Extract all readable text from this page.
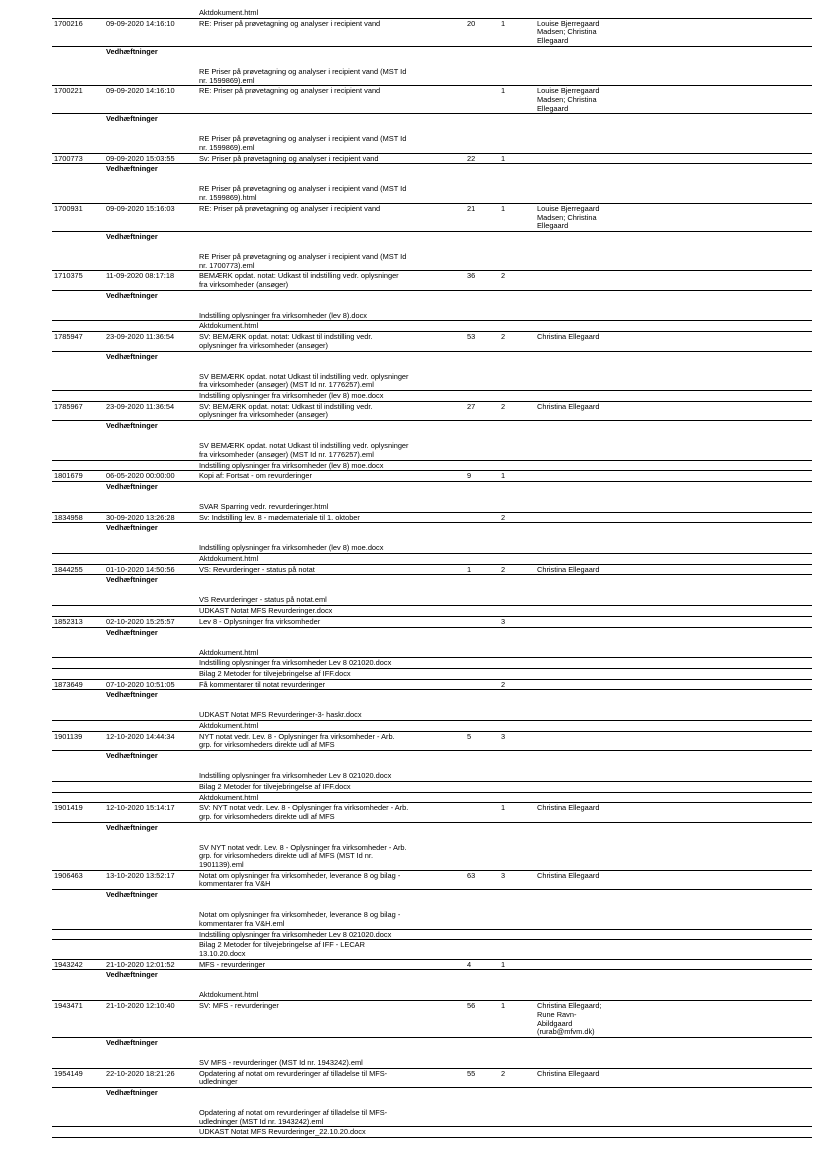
		Aktdokument.html			
1700216	09-09-2020 14:16:10	RE: Priser på prøvetagning og analyser i recipient vand	20	1	Louise Bjerregaard
Madsen; Christina
Ellegaard
	Vedhæftninger				

		RE Priser på prøvetagning og analyser i recipient vand (MST Id
nr. 1599869).eml			
1700221	09-09-2020 14:16:10	RE: Priser på prøvetagning og analyser i recipient vand		1	Louise Bjerregaard
Madsen; Christina
Ellegaard
	Vedhæftninger				

		RE Priser på prøvetagning og analyser i recipient vand (MST Id
nr. 1599869).eml			
1700773	09-09-2020 15:03:55	Sv: Priser på prøvetagning og analyser i recipient vand	22	1	
	Vedhæftninger				

		RE Priser på prøvetagning og analyser i recipient vand (MST Id
nr. 1599869).html			
1700931	09-09-2020 15:16:03	RE: Priser på prøvetagning og analyser i recipient vand	21	1	Louise Bjerregaard
Madsen; Christina
Ellegaard
	Vedhæftninger				

		RE Priser på prøvetagning og analyser i recipient vand (MST Id
nr. 1700773).eml			
1710375	11-09-2020 08:17:18	BEMÆRK opdat. notat: Udkast til indstilling vedr. oplysninger
fra virksomheder (ansøger)	36	2	
	Vedhæftninger				

		Indstilling oplysninger fra virksomheder (lev 8).docx			
		Aktdokument.html			
1785947	23-09-2020 11:36:54	SV: BEMÆRK opdat. notat: Udkast til indstilling vedr.
oplysninger fra virksomheder (ansøger)	53	2	Christina Ellegaard
	Vedhæftninger				

		SV BEMÆRK opdat. notat Udkast til indstilling vedr. oplysninger
fra virksomheder (ansøger) (MST Id nr. 1776257).eml			
		Indstilling oplysninger fra virksomheder (lev 8) moe.docx			
1785967	23-09-2020 11:36:54	SV: BEMÆRK opdat. notat: Udkast til indstilling vedr.
oplysninger fra virksomheder (ansøger)	27	2	Christina Ellegaard
	Vedhæftninger				

		SV BEMÆRK opdat. notat Udkast til indstilling vedr. oplysninger
fra virksomheder (ansøger) (MST Id nr. 1776257).eml			
		Indstilling oplysninger fra virksomheder (lev 8) moe.docx			
1801679	06-05-2020 00:00:00	Kopi af: Fortsat - om revurderinger	9	1	
	Vedhæftninger				

		SVAR Sparring vedr. revurderinger.html			
1834958	30-09-2020 13:26:28	Sv: Indstilling lev. 8 - mødemateriale til 1. oktober		2	
	Vedhæftninger				

		Indstilling oplysninger fra virksomheder (lev 8) moe.docx			
		Aktdokument.html			
1844255	01-10-2020 14:50:56	VS: Revurderinger - status på notat	1	2	Christina Ellegaard
	Vedhæftninger				

		VS Revurderinger - status på notat.eml			
		UDKAST Notat MFS Revurderinger.docx			
1852313	02-10-2020 15:25:57	Lev 8 - Oplysninger fra virksomheder		3	
	Vedhæftninger				

		Aktdokument.html			
		Indstilling oplysninger fra virksomheder Lev 8 021020.docx			
		Bilag 2 Metoder for tilvejebringelse af IFF.docx			
1873649	07-10-2020 10:51:05	Få kommentarer til notat revurderinger		2	
	Vedhæftninger				

		UDKAST Notat MFS Revurderinger-3- haskr.docx			
		Aktdokument.html			
1901139	12-10-2020 14:44:34	NYT notat vedr. Lev. 8 - Oplysninger fra virksomheder - Arb.
grp. for virksomheders direkte udl af MFS	5	3	
	Vedhæftninger				

		Indstilling oplysninger fra virksomheder Lev 8 021020.docx			
		Bilag 2 Metoder for tilvejebringelse af IFF.docx			
		Aktdokument.html			
1901419	12-10-2020 15:14:17	SV: NYT notat vedr. Lev. 8 - Oplysninger fra virksomheder - Arb.
grp. for virksomheders direkte udl af MFS		1	Christina Ellegaard
	Vedhæftninger				

		SV NYT notat vedr. Lev. 8 - Oplysninger fra virksomheder - Arb.
grp. for virksomheders direkte udl af MFS (MST Id nr.
1901139).eml			
1906463	13-10-2020 13:52:17	Notat om oplysninger fra virksomheder, leverance 8 og bilag -
kommentarer fra V&H	63	3	Christina Ellegaard
	Vedhæftninger				

		Notat om oplysninger fra virksomheder, leverance 8 og bilag -
kommentarer fra V&H.eml			
		Indstilling oplysninger fra virksomheder Lev 8 021020.docx			
		Bilag 2 Metoder for tilvejebringelse af IFF - LECAR
13.10.20.docx			
1943242	21-10-2020 12:01:52	MFS - revurderinger	4	1	
	Vedhæftninger				

		Aktdokument.html			
1943471	21-10-2020 12:10:40	SV: MFS - revurderinger	56	1	Christina Ellegaard;
Rune Ravn-
Abildgaard
(rurab@mfvm.dk)
	Vedhæftninger				

		SV MFS - revurderinger (MST Id nr. 1943242).eml			
1954149	22-10-2020 18:21:26	Opdatering af notat om revurderinger af tilladelse til MFS-
udledninger	55	2	Christina Ellegaard
	Vedhæftninger				

		Opdatering af notat om revurderinger af tilladelse til MFS-
udledninger (MST Id nr. 1943242).eml			
		UDKAST Notat MFS Revurderinger_22.10.20.docx			
